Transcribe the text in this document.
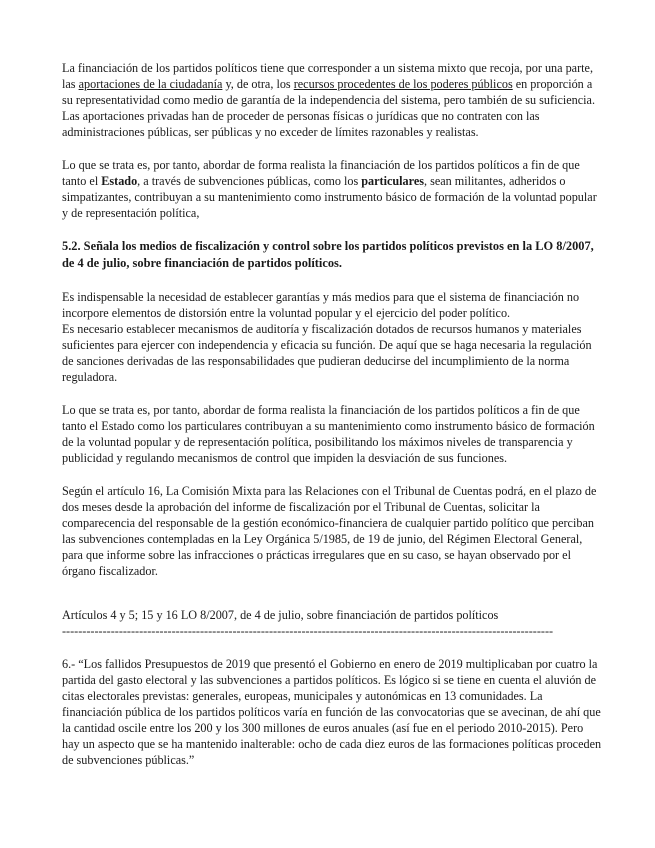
La financiación de los partidos políticos tiene que corresponder a un sistema mixto que recoja, por una parte, las aportaciones de la ciudadanía y, de otra, los recursos procedentes de los poderes públicos en proporción a su representatividad como medio de garantía de la independencia del sistema, pero también de su suficiencia. Las aportaciones privadas han de proceder de personas físicas o jurídicas que no contraten con las administraciones públicas, ser públicas y no exceder de límites razonables y realistas.

Lo que se trata es, por tanto, abordar de forma realista la financiación de los partidos políticos a fin de que tanto el Estado, a través de subvenciones públicas, como los particulares, sean militantes, adheridos o simpatizantes, contribuyan a su mantenimiento como instrumento básico de formación de la voluntad popular y de representación política,

5.2. Señala los medios de fiscalización y control sobre los partidos políticos previstos en la LO 8/2007, de 4 de julio, sobre financiación de partidos políticos.

Es indispensable la necesidad de establecer garantías y más medios para que el sistema de financiación no incorpore elementos de distorsión entre la voluntad popular y el ejercicio del poder político.

Es necesario establecer mecanismos de auditoría y fiscalización dotados de recursos humanos y materiales suficientes para ejercer con independencia y eficacia su función. De aquí que se haga necesaria la regulación de sanciones derivadas de las responsabilidades que pudieran deducirse del incumplimiento de la norma reguladora.

Lo que se trata es, por tanto, abordar de forma realista la financiación de los partidos políticos a fin de que tanto el Estado como los particulares contribuyan a su mantenimiento como instrumento básico de formación de la voluntad popular y de representación política, posibilitando los máximos niveles de transparencia y publicidad y regulando mecanismos de control que impiden la desviación de sus funciones.

Según el artículo 16, La Comisión Mixta para las Relaciones con el Tribunal de Cuentas podrá, en el plazo de dos meses desde la aprobación del informe de fiscalización por el Tribunal de Cuentas, solicitar la comparecencia del responsable de la gestión económico-financiera de cualquier partido político que perciban las subvenciones contempladas en la Ley Orgánica 5/1985, de 19 de junio, del Régimen Electoral General, para que informe sobre las infracciones o prácticas irregulares que en su caso, se hayan observado por el órgano fiscalizador.

Artículos 4 y 5; 15 y 16 LO 8/2007, de 4 de julio, sobre financiación de partidos políticos

-------------------------------------------------------------------------------------------------------------------------

6.- “Los fallidos Presupuestos de 2019 que presentó el Gobierno en enero de 2019 multiplicaban por cuatro la partida del gasto electoral y las subvenciones a partidos políticos. Es lógico si se tiene en cuenta el aluvión de citas electorales previstas: generales, europeas, municipales y autonómicas en 13 comunidades. La financiación pública de los partidos políticos varía en función de las convocatorias que se avecinan, de ahí que la cantidad oscile entre los 200 y los 300 millones de euros anuales (así fue en el periodo 2010-2015). Pero hay un aspecto que se ha mantenido inalterable: ocho de cada diez euros de las formaciones políticas proceden de subvenciones públicas.”
